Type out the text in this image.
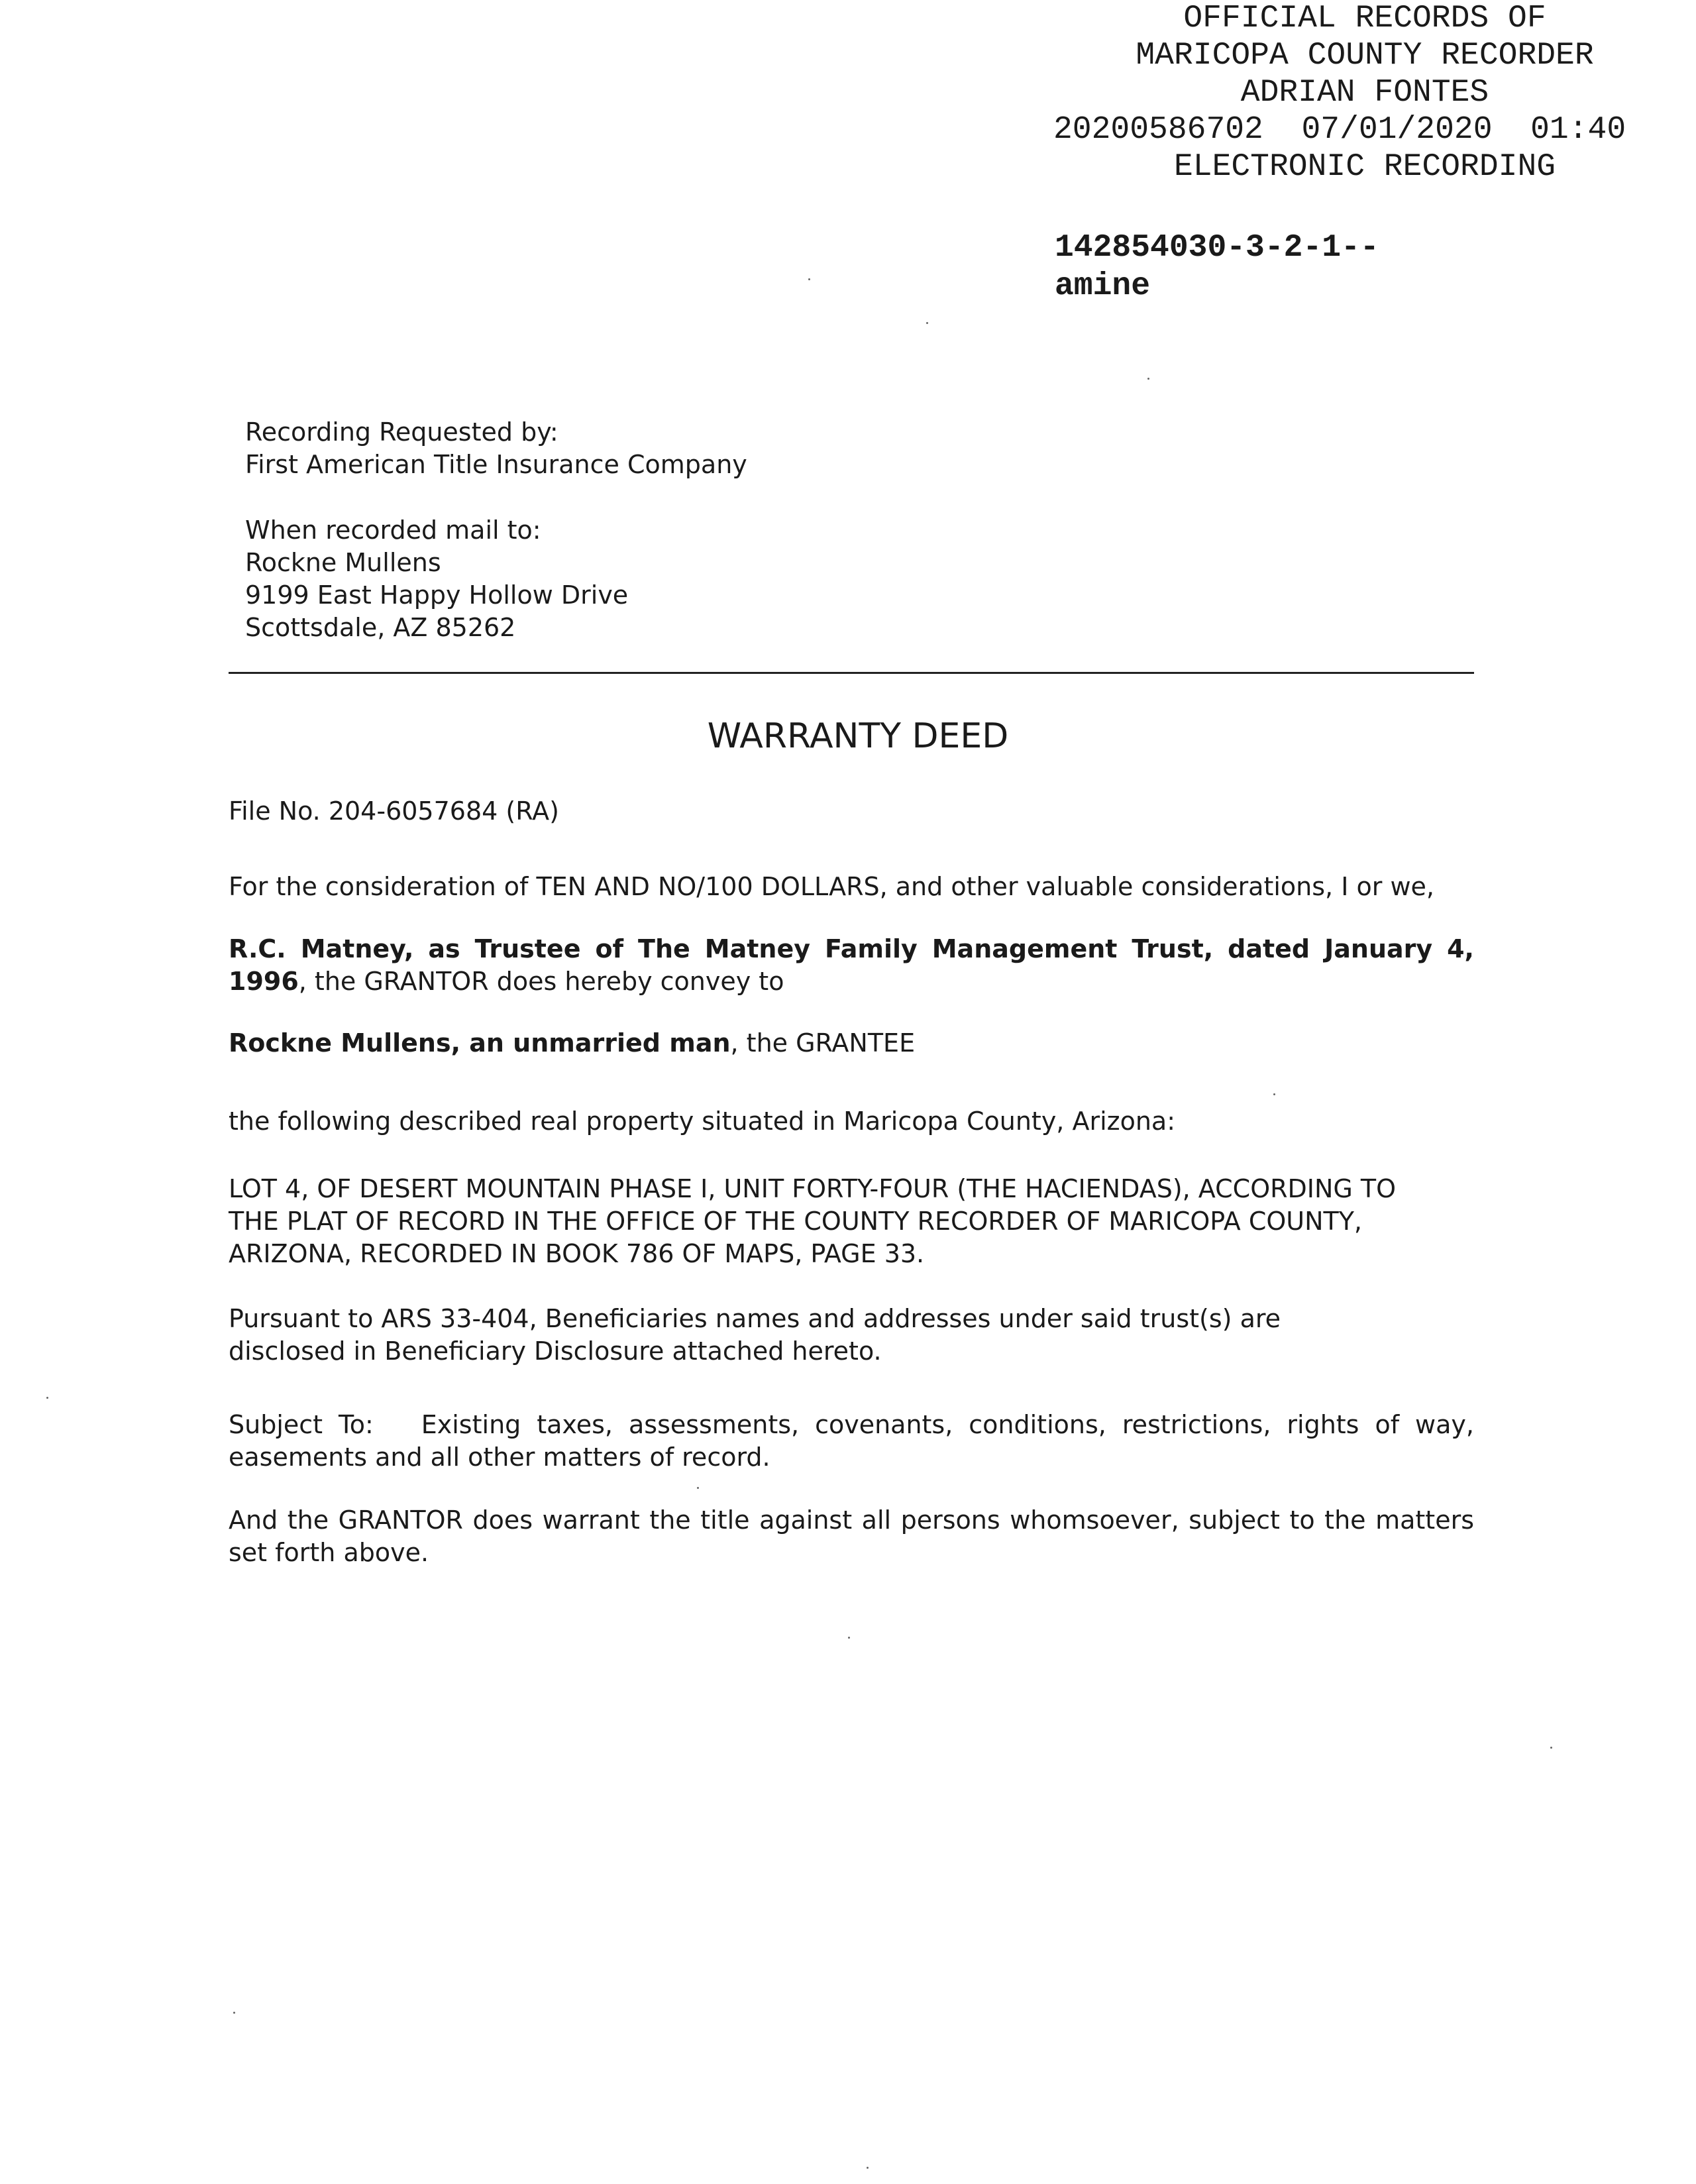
OFFICIAL RECORDS OF
MARICOPA COUNTY RECORDER
ADRIAN FONTES
20200586702  07/01/2020  01:40
ELECTRONIC RECORDING
142854030-3-2-1--
amine
Recording Requested by:
First American Title Insurance Company
When recorded mail to:
Rockne Mullens
9199 East Happy Hollow Drive
Scottsdale, AZ 85262
WARRANTY DEED
File No. 204-6057684 (RA)
For the consideration of TEN AND NO/100 DOLLARS, and other valuable considerations, I or we,
R.C. Matney, as Trustee of The Matney Family Management Trust, dated January 4, 1996, the GRANTOR does hereby convey to
Rockne Mullens, an unmarried man, the GRANTEE
the following described real property situated in Maricopa County, Arizona:
LOT 4, OF DESERT MOUNTAIN PHASE I, UNIT FORTY-FOUR (THE HACIENDAS), ACCORDING TO THE PLAT OF RECORD IN THE OFFICE OF THE COUNTY RECORDER OF MARICOPA COUNTY, ARIZONA, RECORDED IN BOOK 786 OF MAPS, PAGE 33.
Pursuant to ARS 33-404, Beneficiaries names and addresses under said trust(s) are disclosed in Beneficiary Disclosure attached hereto.
Subject To:   Existing taxes, assessments, covenants, conditions, restrictions, rights of way, easements and all other matters of record.
And the GRANTOR does warrant the title against all persons whomsoever, subject to the matters set forth above.
